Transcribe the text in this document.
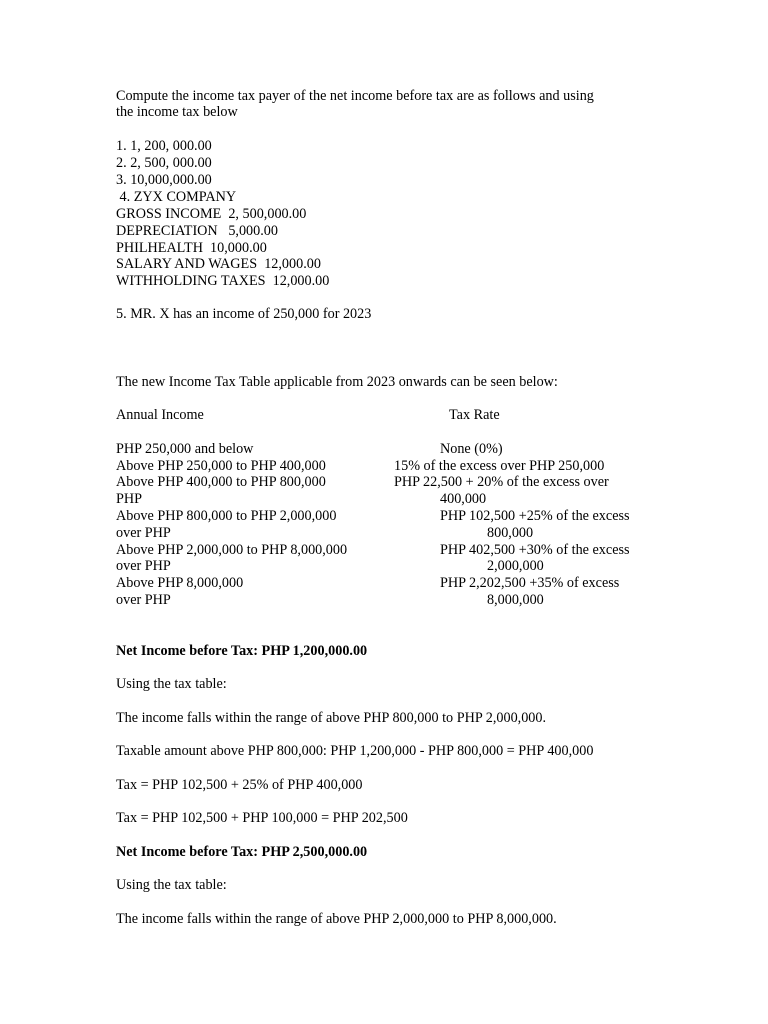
Compute the income tax payer of the net income before tax are as follows and using
the income tax below
1. 1, 200, 000.00
2. 2, 500, 000.00
3. 10,000,000.00
4. ZYX COMPANY
GROSS INCOME  2, 500,000.00
DEPRECIATION   5,000.00
PHILHEALTH  10,000.00
SALARY AND WAGES  12,000.00
WITHHOLDING TAXES  12,000.00
5. MR. X has an income of 250,000 for 2023
The new Income Tax Table applicable from 2023 onwards can be seen below:
Annual Income	Tax Rate
PHP 250,000 and below	None (0%)
Above PHP 250,000 to PHP 400,000	15% of the excess over PHP 250,000
Above PHP 400,000 to PHP 800,000	PHP 22,500 + 20% of the excess over
PHP	400,000
Above PHP 800,000 to PHP 2,000,000	PHP 102,500 +25% of the excess
over PHP	800,000
Above PHP 2,000,000 to PHP 8,000,000	PHP 402,500 +30% of the excess
over PHP	2,000,000
Above PHP 8,000,000	PHP 2,202,500 +35% of excess
over PHP	8,000,000
Net Income before Tax: PHP 1,200,000.00
Using the tax table:
The income falls within the range of above PHP 800,000 to PHP 2,000,000.
Taxable amount above PHP 800,000: PHP 1,200,000 - PHP 800,000 = PHP 400,000
Tax = PHP 102,500 + 25% of PHP 400,000
Tax = PHP 102,500 + PHP 100,000 = PHP 202,500
Net Income before Tax: PHP 2,500,000.00
Using the tax table:
The income falls within the range of above PHP 2,000,000 to PHP 8,000,000.
